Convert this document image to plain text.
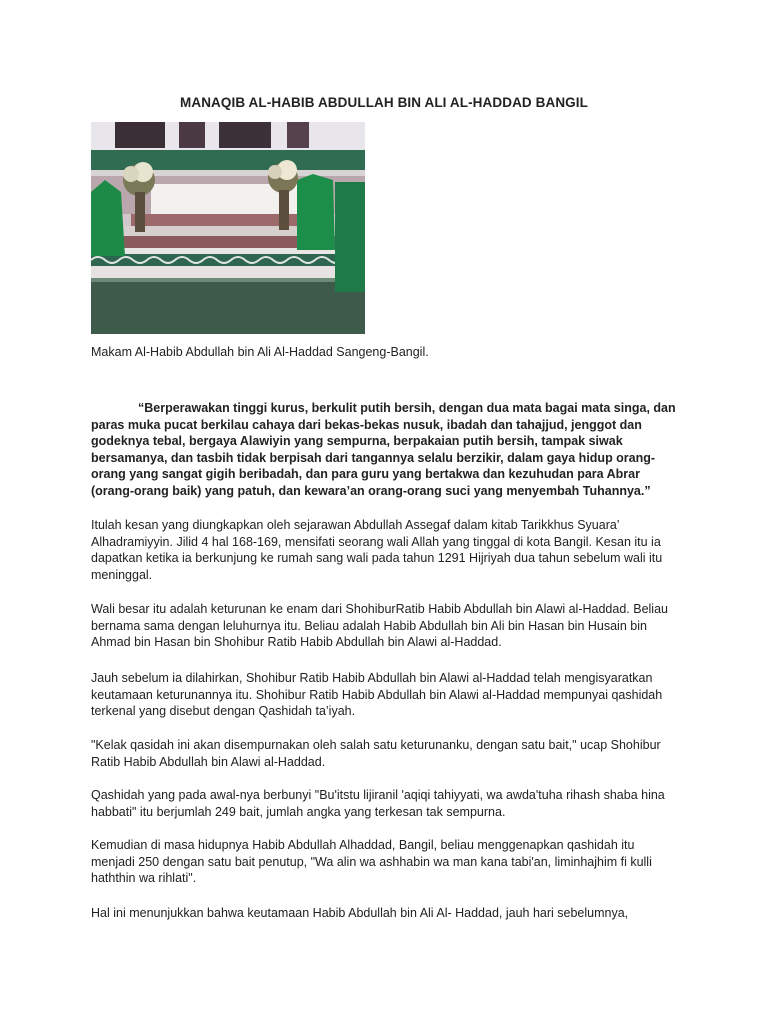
MANAQIB AL-HABIB ABDULLAH BIN ALI AL-HADDAD BANGIL
Makam Al-Habib Abdullah bin Ali Al-Haddad Sangeng-Bangil.
“Berperawakan tinggi kurus, berkulit putih bersih, dengan dua mata bagai mata singa, dan paras muka pucat berkilau cahaya dari bekas-bekas nusuk, ibadah dan tahajjud, jenggot dan godeknya tebal, bergaya Alawiyin yang sempurna, berpakaian putih bersih, tampak siwak bersamanya, dan tasbih tidak berpisah dari tangannya selalu berzikir, dalam gaya hidup orang-orang yang sangat gigih beribadah, dan para guru yang bertakwa dan kezuhudan para Abrar (orang-orang baik) yang patuh, dan kewara’an orang-orang suci yang menyembah Tuhannya.”
Itulah kesan yang diungkapkan oleh sejarawan Abdullah Assegaf dalam kitab Tarikkhus Syuara’ Alhadramiyyin. Jilid 4 hal 168-169, mensifati seorang wali Allah yang tinggal di kota Bangil. Kesan itu ia dapatkan ketika ia berkunjung ke rumah sang wali pada tahun 1291 Hijriyah dua tahun sebelum wali itu meninggal.
Wali besar itu adalah keturunan ke enam dari ShohiburRatib Habib Abdullah bin Alawi al-Haddad. Beliau bernama sama dengan leluhurnya itu. Beliau adalah Habib Abdullah bin Ali bin Hasan bin Husain bin Ahmad bin Hasan bin Shohibur Ratib Habib Abdullah bin Alawi al-Haddad.
Jauh sebelum ia dilahirkan, Shohibur Ratib Habib Abdullah bin Alawi al-Haddad telah mengisyaratkan keutamaan keturunannya itu. Shohibur Ratib Habib Abdullah bin Alawi al-Haddad mempunyai qashidah terkenal yang disebut dengan Qashidah ta’iyah.
"Kelak qasidah ini akan disempurnakan oleh salah satu keturunanku, dengan satu bait," ucap Shohibur Ratib Habib Abdullah bin Alawi al-Haddad.
Qashidah yang pada awal-nya berbunyi "Bu'itstu lijiranil 'aqiqi tahiyyati, wa awda'tuha rihash shaba hina habbati" itu berjumlah 249 bait, jumlah angka yang terkesan tak sempurna.
Kemudian di masa hidupnya Habib Abdullah Alhaddad, Bangil, beliau menggenapkan qashidah itu menjadi 250 dengan satu bait penutup, "Wa alin wa ashhabin wa man kana tabi'an, liminhajhim fi kulli haththin wa rihlati".
Hal ini menunjukkan bahwa keutamaan Habib Abdullah bin Ali Al- Haddad, jauh hari sebelumnya,
